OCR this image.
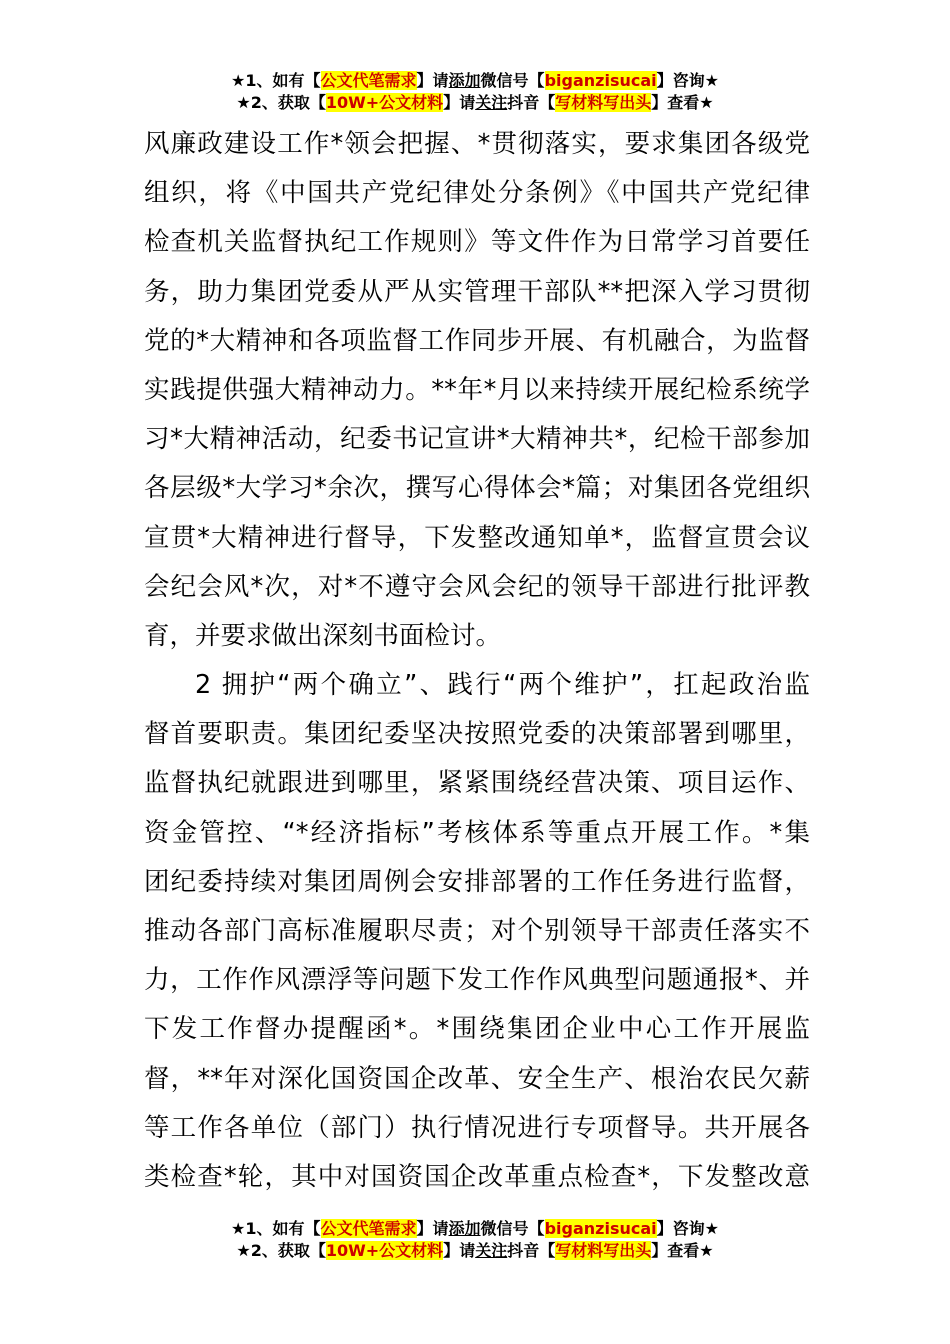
★1、如有【公文代笔需求】请添加微信号【biganzisucai】咨询★
★2、获取【10W+公文材料】请关注抖音【写材料写出头】查看★
风廉政建设工作*领会把握、*贯彻落实，要求集团各级党
组织，将《中国共产党纪律处分条例》《中国共产党纪律
检查机关监督执纪工作规则》等文件作为日常学习首要任
务，助力集团党委从严从实管理干部队**把深入学习贯彻
党的*大精神和各项监督工作同步开展、有机融合，为监督
实践提供强大精神动力。**年*月以来持续开展纪检系统学
习*大精神活动，纪委书记宣讲*大精神共*，纪检干部参加
各层级*大学习*余次，撰写心得体会*篇；对集团各党组织
宣贯*大精神进行督导，下发整改通知单*，监督宣贯会议
会纪会风*次，对*不遵守会风会纪的领导干部进行批评教
育，并要求做出深刻书面检讨。
2 拥护“两个确立”、践行“两个维护”，扛起政治监
督首要职责。集团纪委坚决按照党委的决策部署到哪里，
监督执纪就跟进到哪里，紧紧围绕经营决策、项目运作、
资金管控、“*经济指标”考核体系等重点开展工作。*集
团纪委持续对集团周例会安排部署的工作任务进行监督，
推动各部门高标准履职尽责；对个别领导干部责任落实不
力，工作作风漂浮等问题下发工作作风典型问题通报*、并
下发工作督办提醒函*。*围绕集团企业中心工作开展监
督，**年对深化国资国企改革、安全生产、根治农民欠薪
等工作各单位（部门）执行情况进行专项督导。共开展各
类检查*轮，其中对国资国企改革重点检查*，下发整改意
★1、如有【公文代笔需求】请添加微信号【biganzisucai】咨询★
★2、获取【10W+公文材料】请关注抖音【写材料写出头】查看★
